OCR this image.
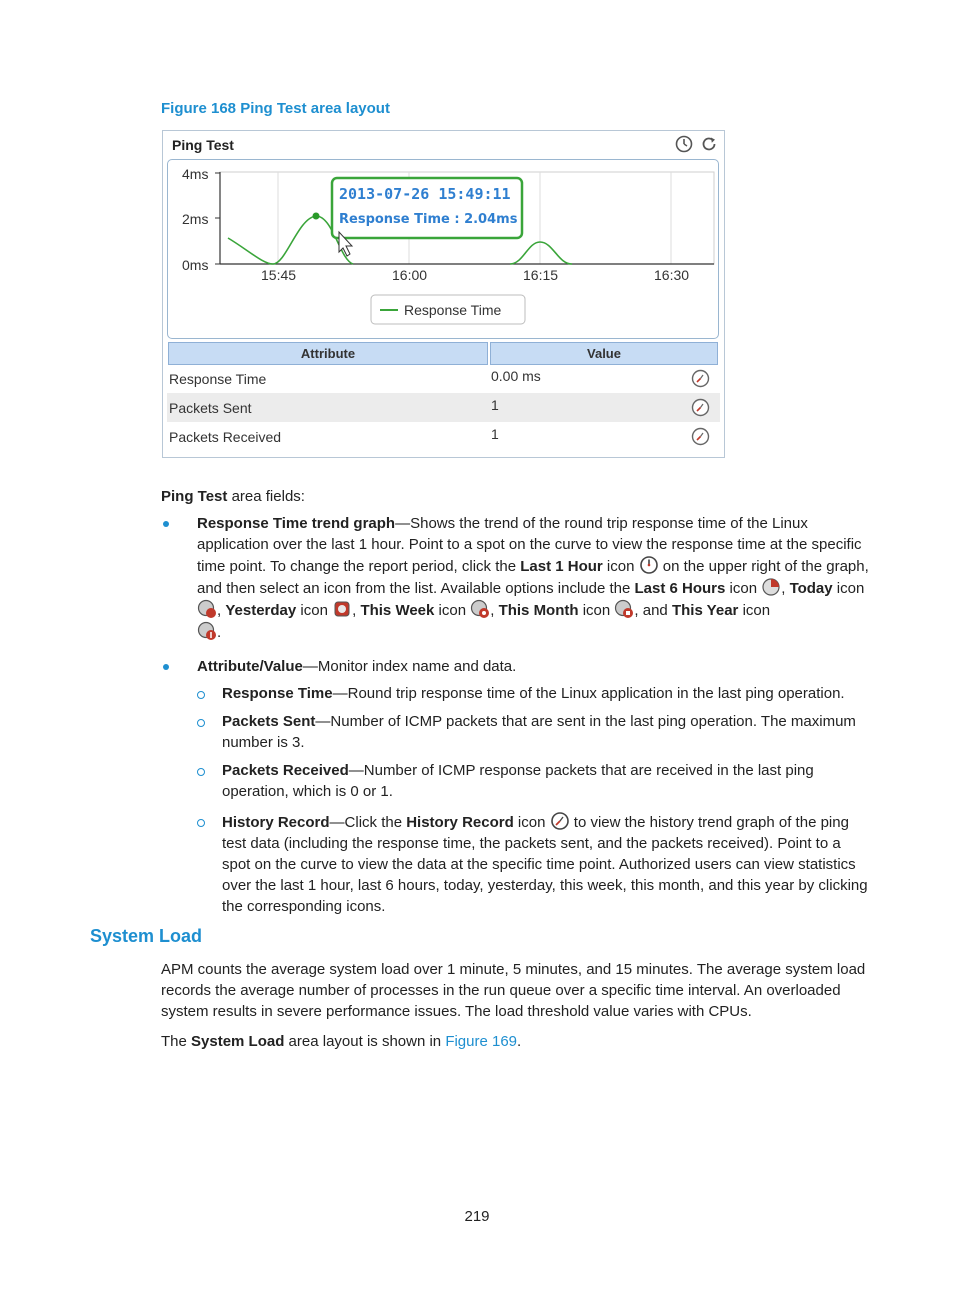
Figure 168 Ping Test area layout
Ping Test
4ms
2ms
0ms
15:45	16:00	16:15	16:30
2013-07-26 15:49:11
Response Time : 2.04ms
Response Time
Attribute	Value
Response Time	0.00 ms
Packets Sent	1
Packets Received	1
Ping Test area fields:
Response Time trend graph—Shows the trend of the round trip response time of the Linux application over the last 1 hour. Point to a spot on the curve to view the response time at the specific time point. To change the report period, click the Last 1 Hour icon  on the upper right of the graph, and then select an icon from the list. Available options include the Last 6 Hours icon , Today icon , Yesterday icon , This Week icon , This Month icon , and This Year icon
.
Attribute/Value—Monitor index name and data.
Response Time—Round trip response time of the Linux application in the last ping operation.
Packets Sent—Number of ICMP packets that are sent in the last ping operation. The maximum number is 3.
Packets Received—Number of ICMP response packets that are received in the last ping operation, which is 0 or 1.
History Record—Click the History Record icon  to view the history trend graph of the ping test data (including the response time, the packets sent, and the packets received). Point to a spot on the curve to view the data at the specific time point. Authorized users can view statistics over the last 1 hour, last 6 hours, today, yesterday, this week, this month, and this year by clicking the corresponding icons.
System Load
APM counts the average system load over 1 minute, 5 minutes, and 15 minutes. The average system load records the average number of processes in the run queue over a specific time interval. An overloaded system results in severe performance issues. The load threshold value varies with CPUs.
The System Load area layout is shown in Figure 169.
219
